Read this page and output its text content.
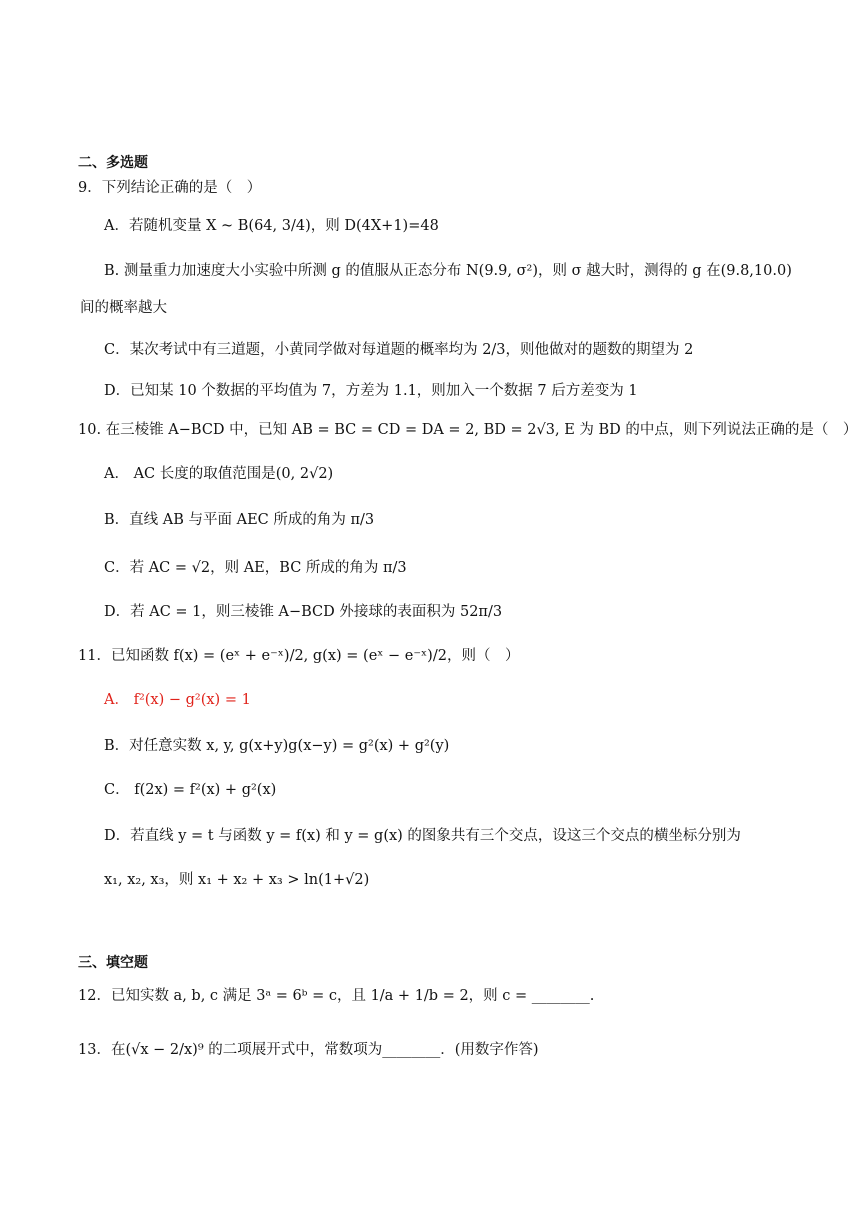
二、多选题
9．下列结论正确的是（　）
A．若随机变量 X ~ B(64, 3/4)，则 D(4X+1)=48
B. 测量重力加速度大小实验中所测 g 的值服从正态分布 N(9.9, σ²)，则 σ 越大时，测得的 g 在(9.8,10.0)
间的概率越大
C．某次考试中有三道题，小黄同学做对每道题的概率均为 2/3，则他做对的题数的期望为 2
D．已知某 10 个数据的平均值为 7，方差为 1.1，则加入一个数据 7 后方差变为 1
10. 在三棱锥 A−BCD 中，已知 AB = BC = CD = DA = 2, BD = 2√3, E 为 BD 的中点，则下列说法正确的是（　）
A． AC 长度的取值范围是(0, 2√2)
B．直线 AB 与平面 AEC 所成的角为 π/3
C．若 AC = √2，则 AE，BC 所成的角为 π/3
D．若 AC = 1，则三棱锥 A−BCD 外接球的表面积为 52π/3
11．已知函数 f(x) = (eˣ + e⁻ˣ)/2, g(x) = (eˣ − e⁻ˣ)/2，则（　）
A． f²(x) − g²(x) = 1
B．对任意实数 x, y, g(x+y)g(x−y) = g²(x) + g²(y)
C． f(2x) = f²(x) + g²(x)
D．若直线 y = t 与函数 y = f(x) 和 y = g(x) 的图象共有三个交点，设这三个交点的横坐标分别为
x₁, x₂, x₃，则 x₁ + x₂ + x₃ > ln(1+√2)
三、填空题
12．已知实数 a, b, c 满足 3ᵃ = 6ᵇ = c，且 1/a + 1/b = 2，则 c = ________.
13．在(√x − 2/x)⁹ 的二项展开式中，常数项为________．(用数字作答)
